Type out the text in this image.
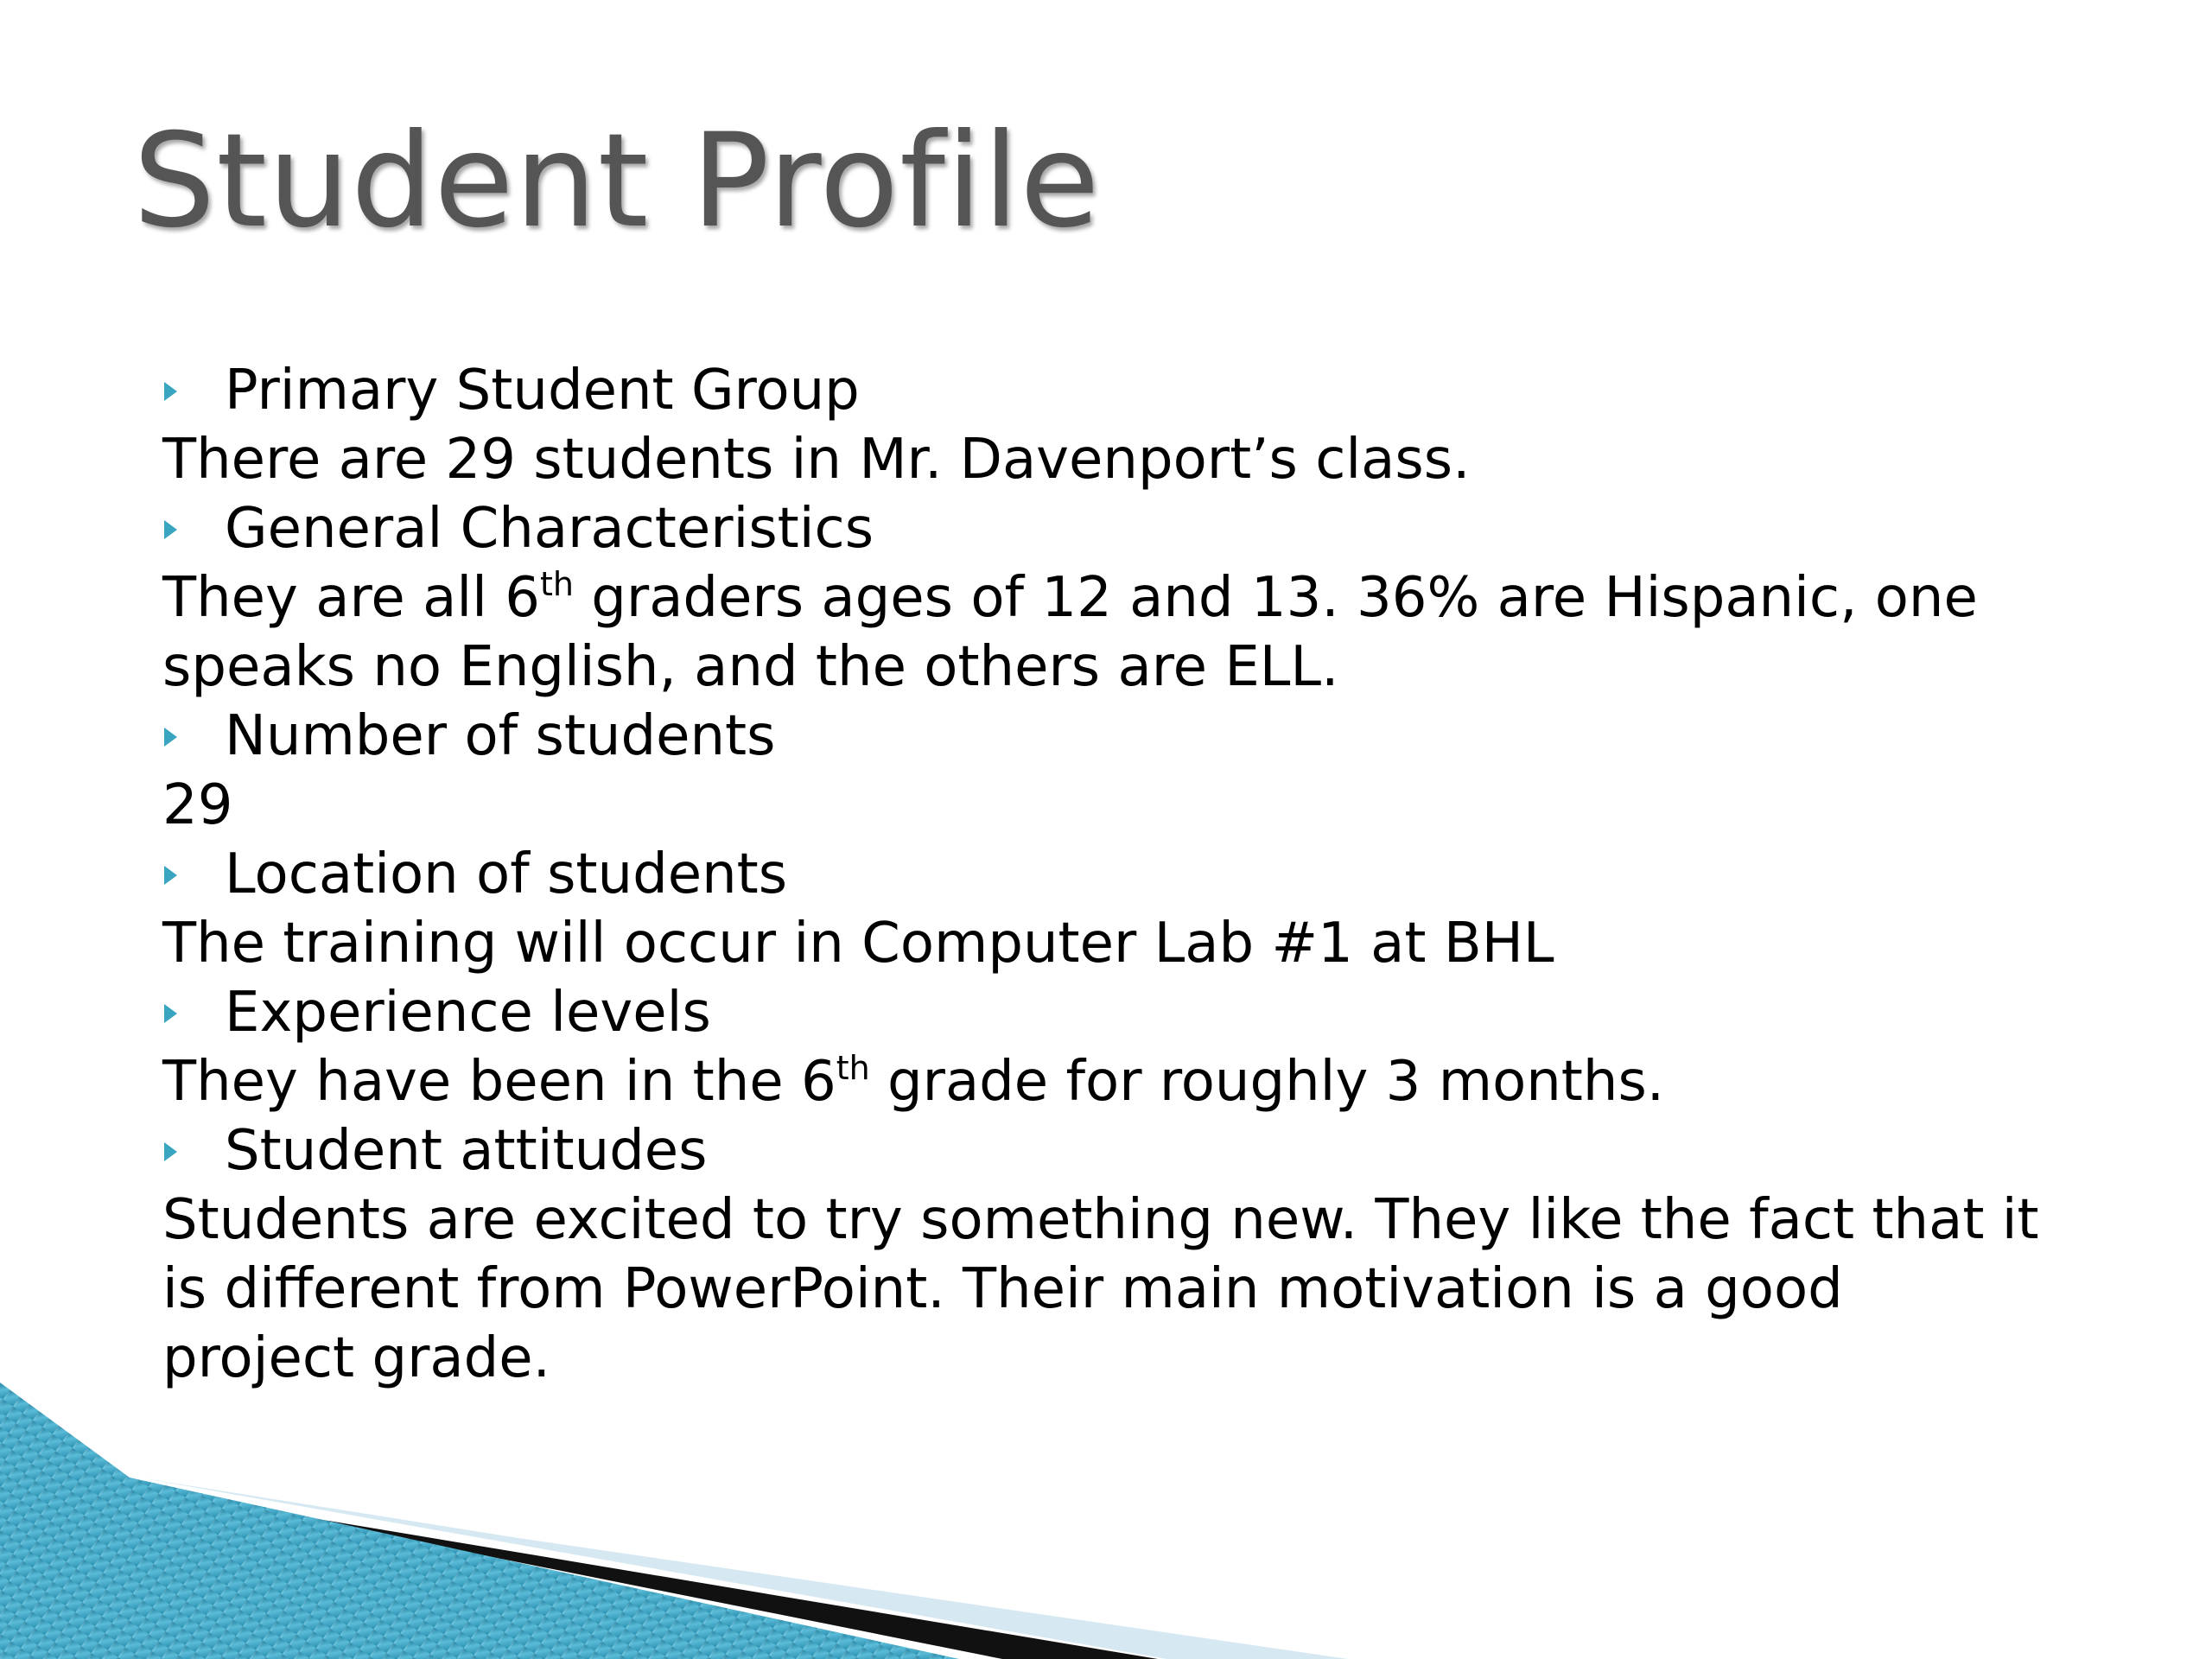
Student Profile
Primary Student Group
There are 29 students in Mr. Davenport’s class.
General Characteristics
They are all 6th graders ages of 12 and 13. 36% are Hispanic, one
speaks no English, and the others are ELL.
Number of students
29
Location of students
The training will occur in Computer Lab #1 at BHL
Experience levels
They have been in the 6th grade for roughly 3 months.
Student attitudes
Students are excited to try something new. They like the fact that it
is different from PowerPoint. Their main motivation is a good
project grade.
